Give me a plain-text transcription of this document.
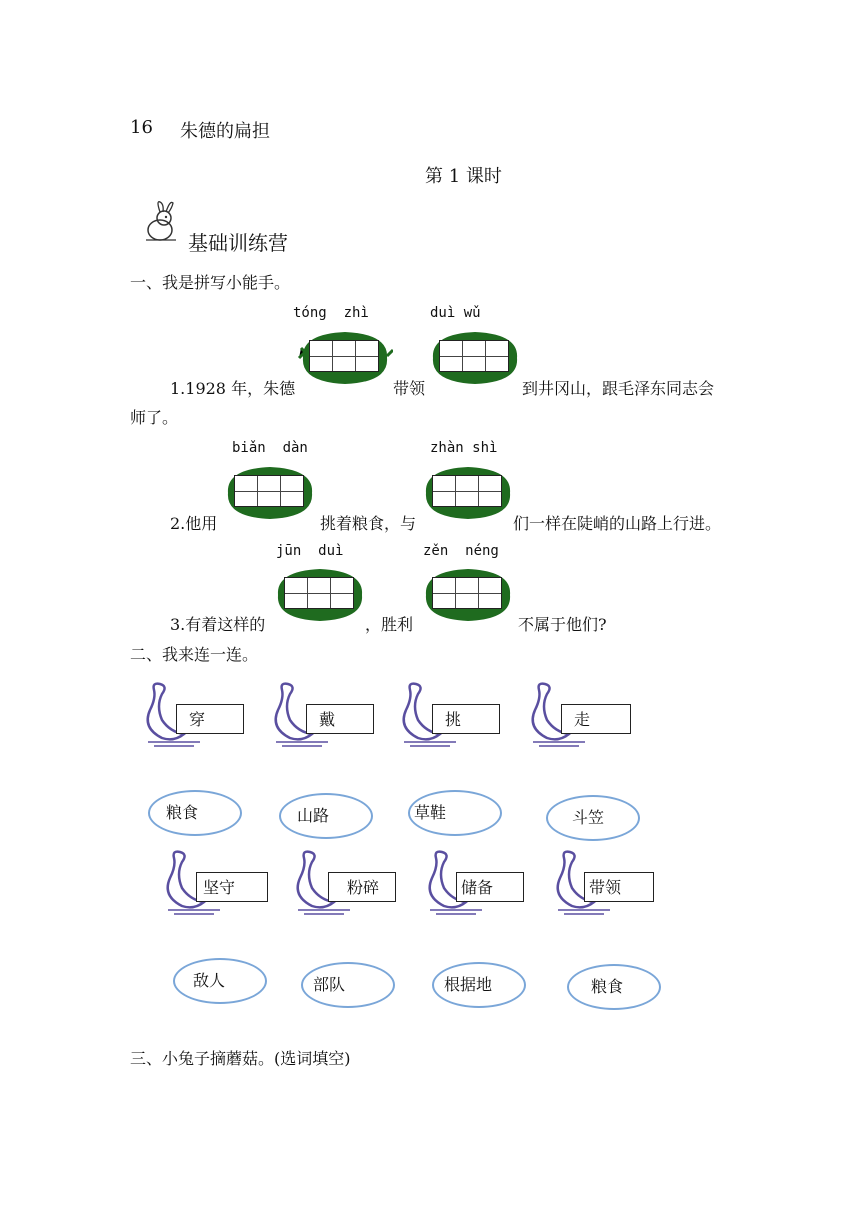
16 朱德的扁担
第 1 课时
基础训练营
一、我是拼写小能手。
tóng  zhì	duì wǔ
1.1928 年，朱德	带领	到井冈山，跟毛泽东同志会
师了。
biǎn  dàn	zhàn shì
2.他用	挑着粮食，与	们一样在陡峭的山路上行进。
jūn  duì	zěn  néng
3.有着这样的	，胜利	不属于他们?
二、我来连一连。
穿	戴	挑	走
粮食	山路	草鞋	斗笠
坚守	粉碎	储备	带领
敌人	部队	根据地	粮食
三、小兔子摘蘑菇。(选词填空)
